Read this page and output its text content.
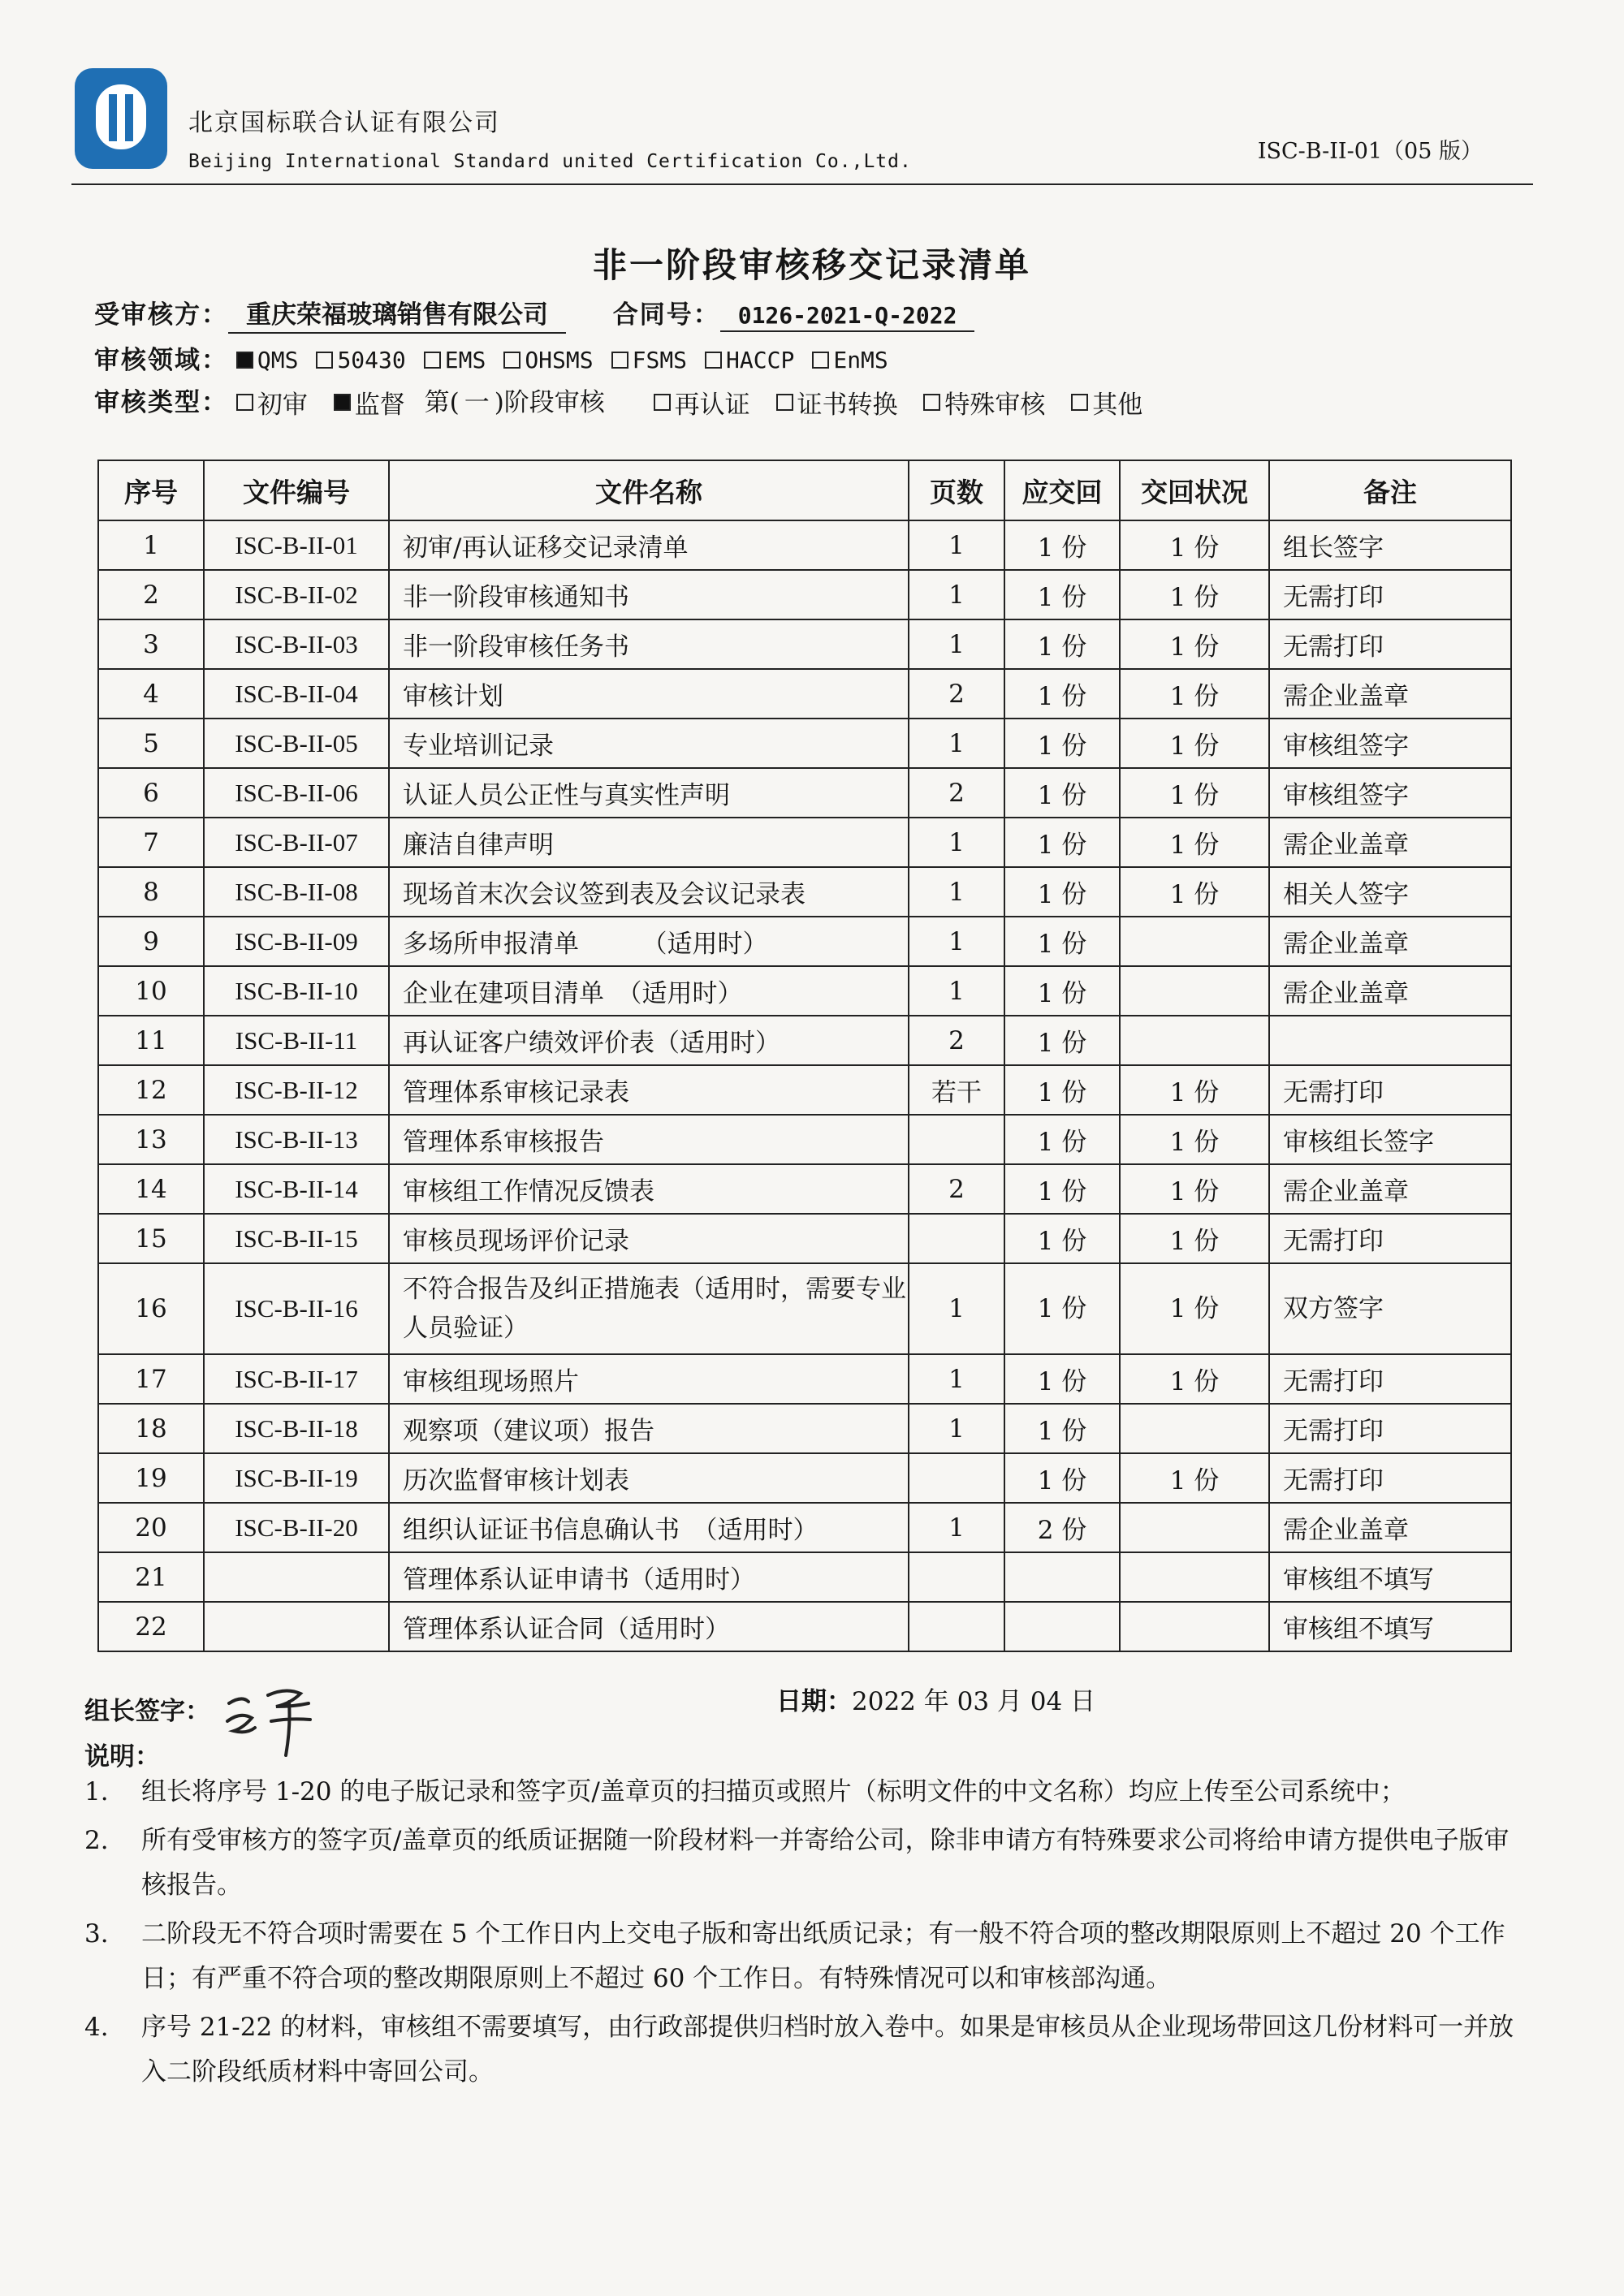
北京国标联合认证有限公司
Beijing International Standard united Certification Co.,Ltd.	ISC-B-II-01（05 版）
非一阶段审核移交记录清单
受审核方： 重庆荣福玻璃销售有限公司	合同号： 0126-2021-Q-2022
审核领域： QMS 50430 EMS OHSMS FSMS HACCP EnMS
审核类型： 初审
监督 第( 一 )阶段审核	再认证
证书转换
特殊审核
其他
序号	文件编号	文件名称	页数	应交回	交回状况	备注
1	ISC-B-II-01	初审/再认证移交记录清单	1	1 份	1 份	组长签字
2	ISC-B-II-02	非一阶段审核通知书	1	1 份	1 份	无需打印
3	ISC-B-II-03	非一阶段审核任务书	1	1 份	1 份	无需打印
4	ISC-B-II-04	审核计划	2	1 份	1 份	需企业盖章
5	ISC-B-II-05	专业培训记录	1	1 份	1 份	审核组签字
6	ISC-B-II-06	认证人员公正性与真实性声明	2	1 份	1 份	审核组签字
7	ISC-B-II-07	廉洁自律声明	1	1 份	1 份	需企业盖章
8	ISC-B-II-08	现场首末次会议签到表及会议记录表	1	1 份	1 份	相关人签字
9	ISC-B-II-09	多场所申报清单　　　（适用时）	1	1 份		需企业盖章
10	ISC-B-II-10	企业在建项目清单　（适用时）	1	1 份		需企业盖章
11	ISC-B-II-11	再认证客户绩效评价表（适用时）	2	1 份		
12	ISC-B-II-12	管理体系审核记录表	若干	1 份	1 份	无需打印
13	ISC-B-II-13	管理体系审核报告		1 份	1 份	审核组长签字
14	ISC-B-II-14	审核组工作情况反馈表	2	1 份	1 份	需企业盖章
15	ISC-B-II-15	审核员现场评价记录		1 份	1 份	无需打印
16	ISC-B-II-16	不符合报告及纠正措施表（适用时，需要专业人员验证）	1	1 份	1 份	双方签字
17	ISC-B-II-17	审核组现场照片	1	1 份	1 份	无需打印
18	ISC-B-II-18	观察项（建议项）报告	1	1 份		无需打印
19	ISC-B-II-19	历次监督审核计划表		1 份	1 份	无需打印
20	ISC-B-II-20	组织认证证书信息确认书　（适用时）	1	2 份		需企业盖章
21		管理体系认证申请书（适用时）				审核组不填写
22		管理体系认证合同（适用时）				审核组不填写
组长签字：	日期：2022 年 03 月 04 日
说明：
1.	组长将序号 1-20 的电子版记录和签字页/盖章页的扫描页或照片（标明文件的中文名称）均应上传至公司系统中；
2.	所有受审核方的签字页/盖章页的纸质证据随一阶段材料一并寄给公司，除非申请方有特殊要求公司将给申请方提供电子版审核报告。
3.	二阶段无不符合项时需要在 5 个工作日内上交电子版和寄出纸质记录；有一般不符合项的整改期限原则上不超过 20 个工作日；有严重不符合项的整改期限原则上不超过 60 个工作日。有特殊情况可以和审核部沟通。
4.	序号 21-22 的材料，审核组不需要填写，由行政部提供归档时放入卷中。如果是审核员从企业现场带回这几份材料可一并放入二阶段纸质材料中寄回公司。
